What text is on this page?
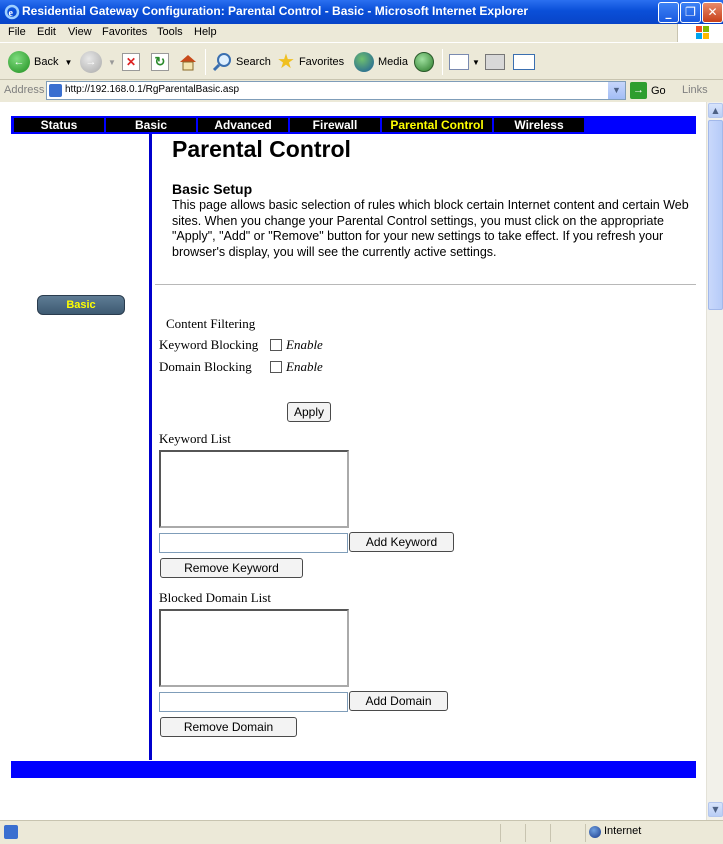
e Residential Gateway Configuration: Parental Control - Basic - Microsoft Internet Explorer	_	❐ ✕
File Edit View Favorites Tools Help
← Back ▼	→	▼ ✕	↻	Search ★ Favorites	Media	▼
Address http://192.168.0.1/RgParentalBasic.asp	▼	→ Go Links
Status	Basic	Advanced	Firewall	Parental Control	Wireless
Basic
Parental Control
Basic Setup
This page allows basic selection of rules which block certain Internet content and certain Web sites. When you change your Parental Control settings, you must click on the appropriate "Apply", "Add" or "Remove" button for your new settings to take effect. If you refresh your browser's display, you will see the currently active settings.
Content Filtering
Keyword Blocking Enable
Domain Blocking	Enable
Apply
Keyword List
Add Keyword
Remove Keyword
Blocked Domain List
Add Domain
Remove Domain
▲
▼
Internet
